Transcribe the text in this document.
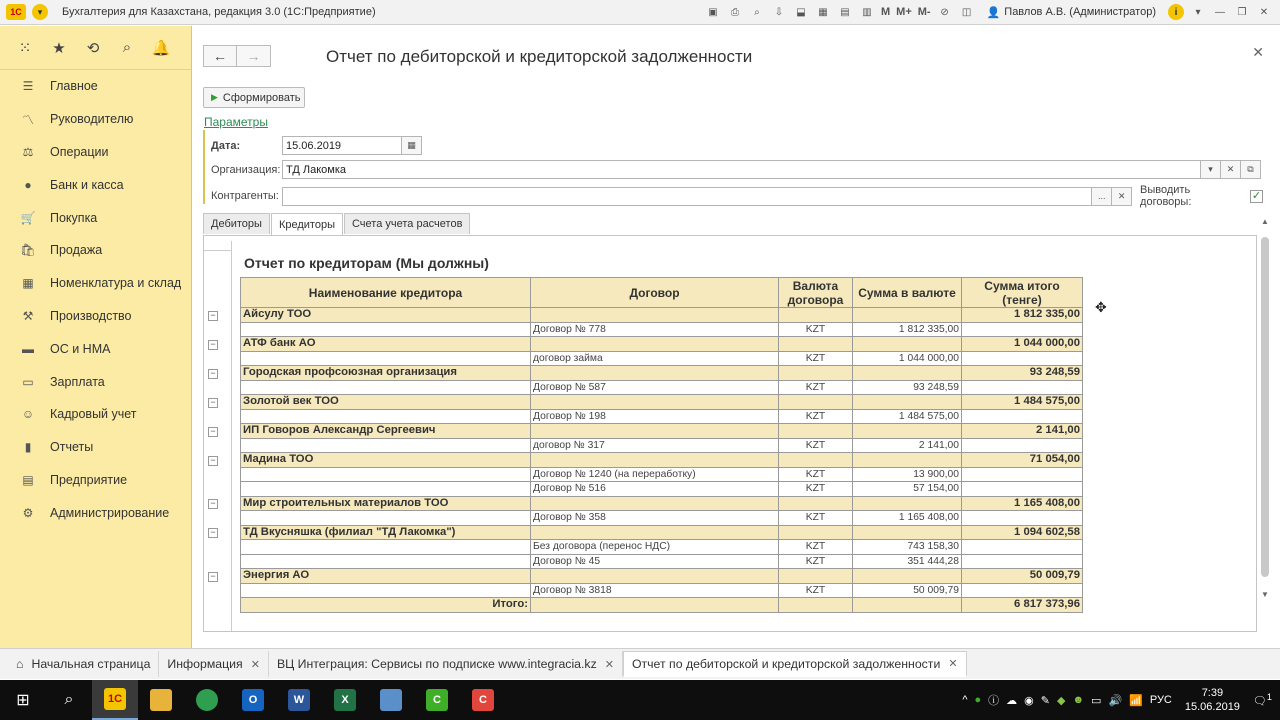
1С	▾	Бухгалтерия для Казахстана, редакция 3.0 (1С:Предприятие)	▣	⎙	⌕	⇩	⬓	▦	▤	▥ M M+ M- ⊘	◫ 👤 Павлов А.В. (Администратор)	i	▾	—	❐	✕
⁙	★	⟲	⌕	🔔
☰ Главное
〽 Руководителю
⚖ Операции
●	Банк и касса
🛒 Покупка
🛍 Продажа
▦ Номенклатура и склад
⚒ Производство
▬ ОС и НМА
▭ Зарплата
☺ Кадровый учет
▮	Отчеты
▤ Предприятие
⚙ Администрирование
←	→	Отчет по дебиторской и кредиторской задолженности	✕
▶ Сформировать
Параметры
Дата:	15.06.2019	▦
Организация: ТД Лакомка	▾	✕	⧉
Контрагенты:	...	✕	Выводить договоры:
✓
Дебиторы	Кредиторы	Счета учета расчетов
Отчет по кредиторам (Мы должны)
Наименование кредитора	Договор	Валюта договора	Сумма в валюте	Сумма итого (тенге)
Айсулу ТОО				1 812 335,00
	Договор № 778	KZT	1 812 335,00	
АТФ банк АО				1 044 000,00
	договор займа	KZT	1 044 000,00	
Городская профсоюзная организация				93 248,59
	Договор № 587	KZT	93 248,59	
Золотой век ТОО				1 484 575,00
	Договор № 198	KZT	1 484 575,00	
ИП Говоров Александр Сергеевич				2 141,00
	договор № 317	KZT	2 141,00	
Мадина ТОО				71 054,00
	Договор № 1240 (на переработку)	KZT	13 900,00	
	Договор № 516	KZT	57 154,00	
Мир строительных материалов ТОО				1 165 408,00
	Договор № 358	KZT	1 165 408,00	
ТД Вкусняшка (филиал "ТД Лакомка")				1 094 602,58
	Без договора (перенос НДС)	KZT	743 158,30	
	Договор № 45	KZT	351 444,28	
Энергия АО				50 009,79
	Договор № 3818	KZT	50 009,79	
Итого:				6 817 373,96
−
−
−
−
−
−
−
−
−
✥
▲
▼
⌂ Начальная страница Информация ✕ ВЦ Интеграция: Сервисы по подписке www.integracia.kz ✕ Отчет по дебиторской и кредиторской задолженности ✕
⊞	⌕	1С	O	W	X	C	C	^ ● ⓘ ☁ ◉ ✎ ◆ ☻ ▭ 🔊 📶 РУС
7:39
15.06.2019 🗨$^1$
